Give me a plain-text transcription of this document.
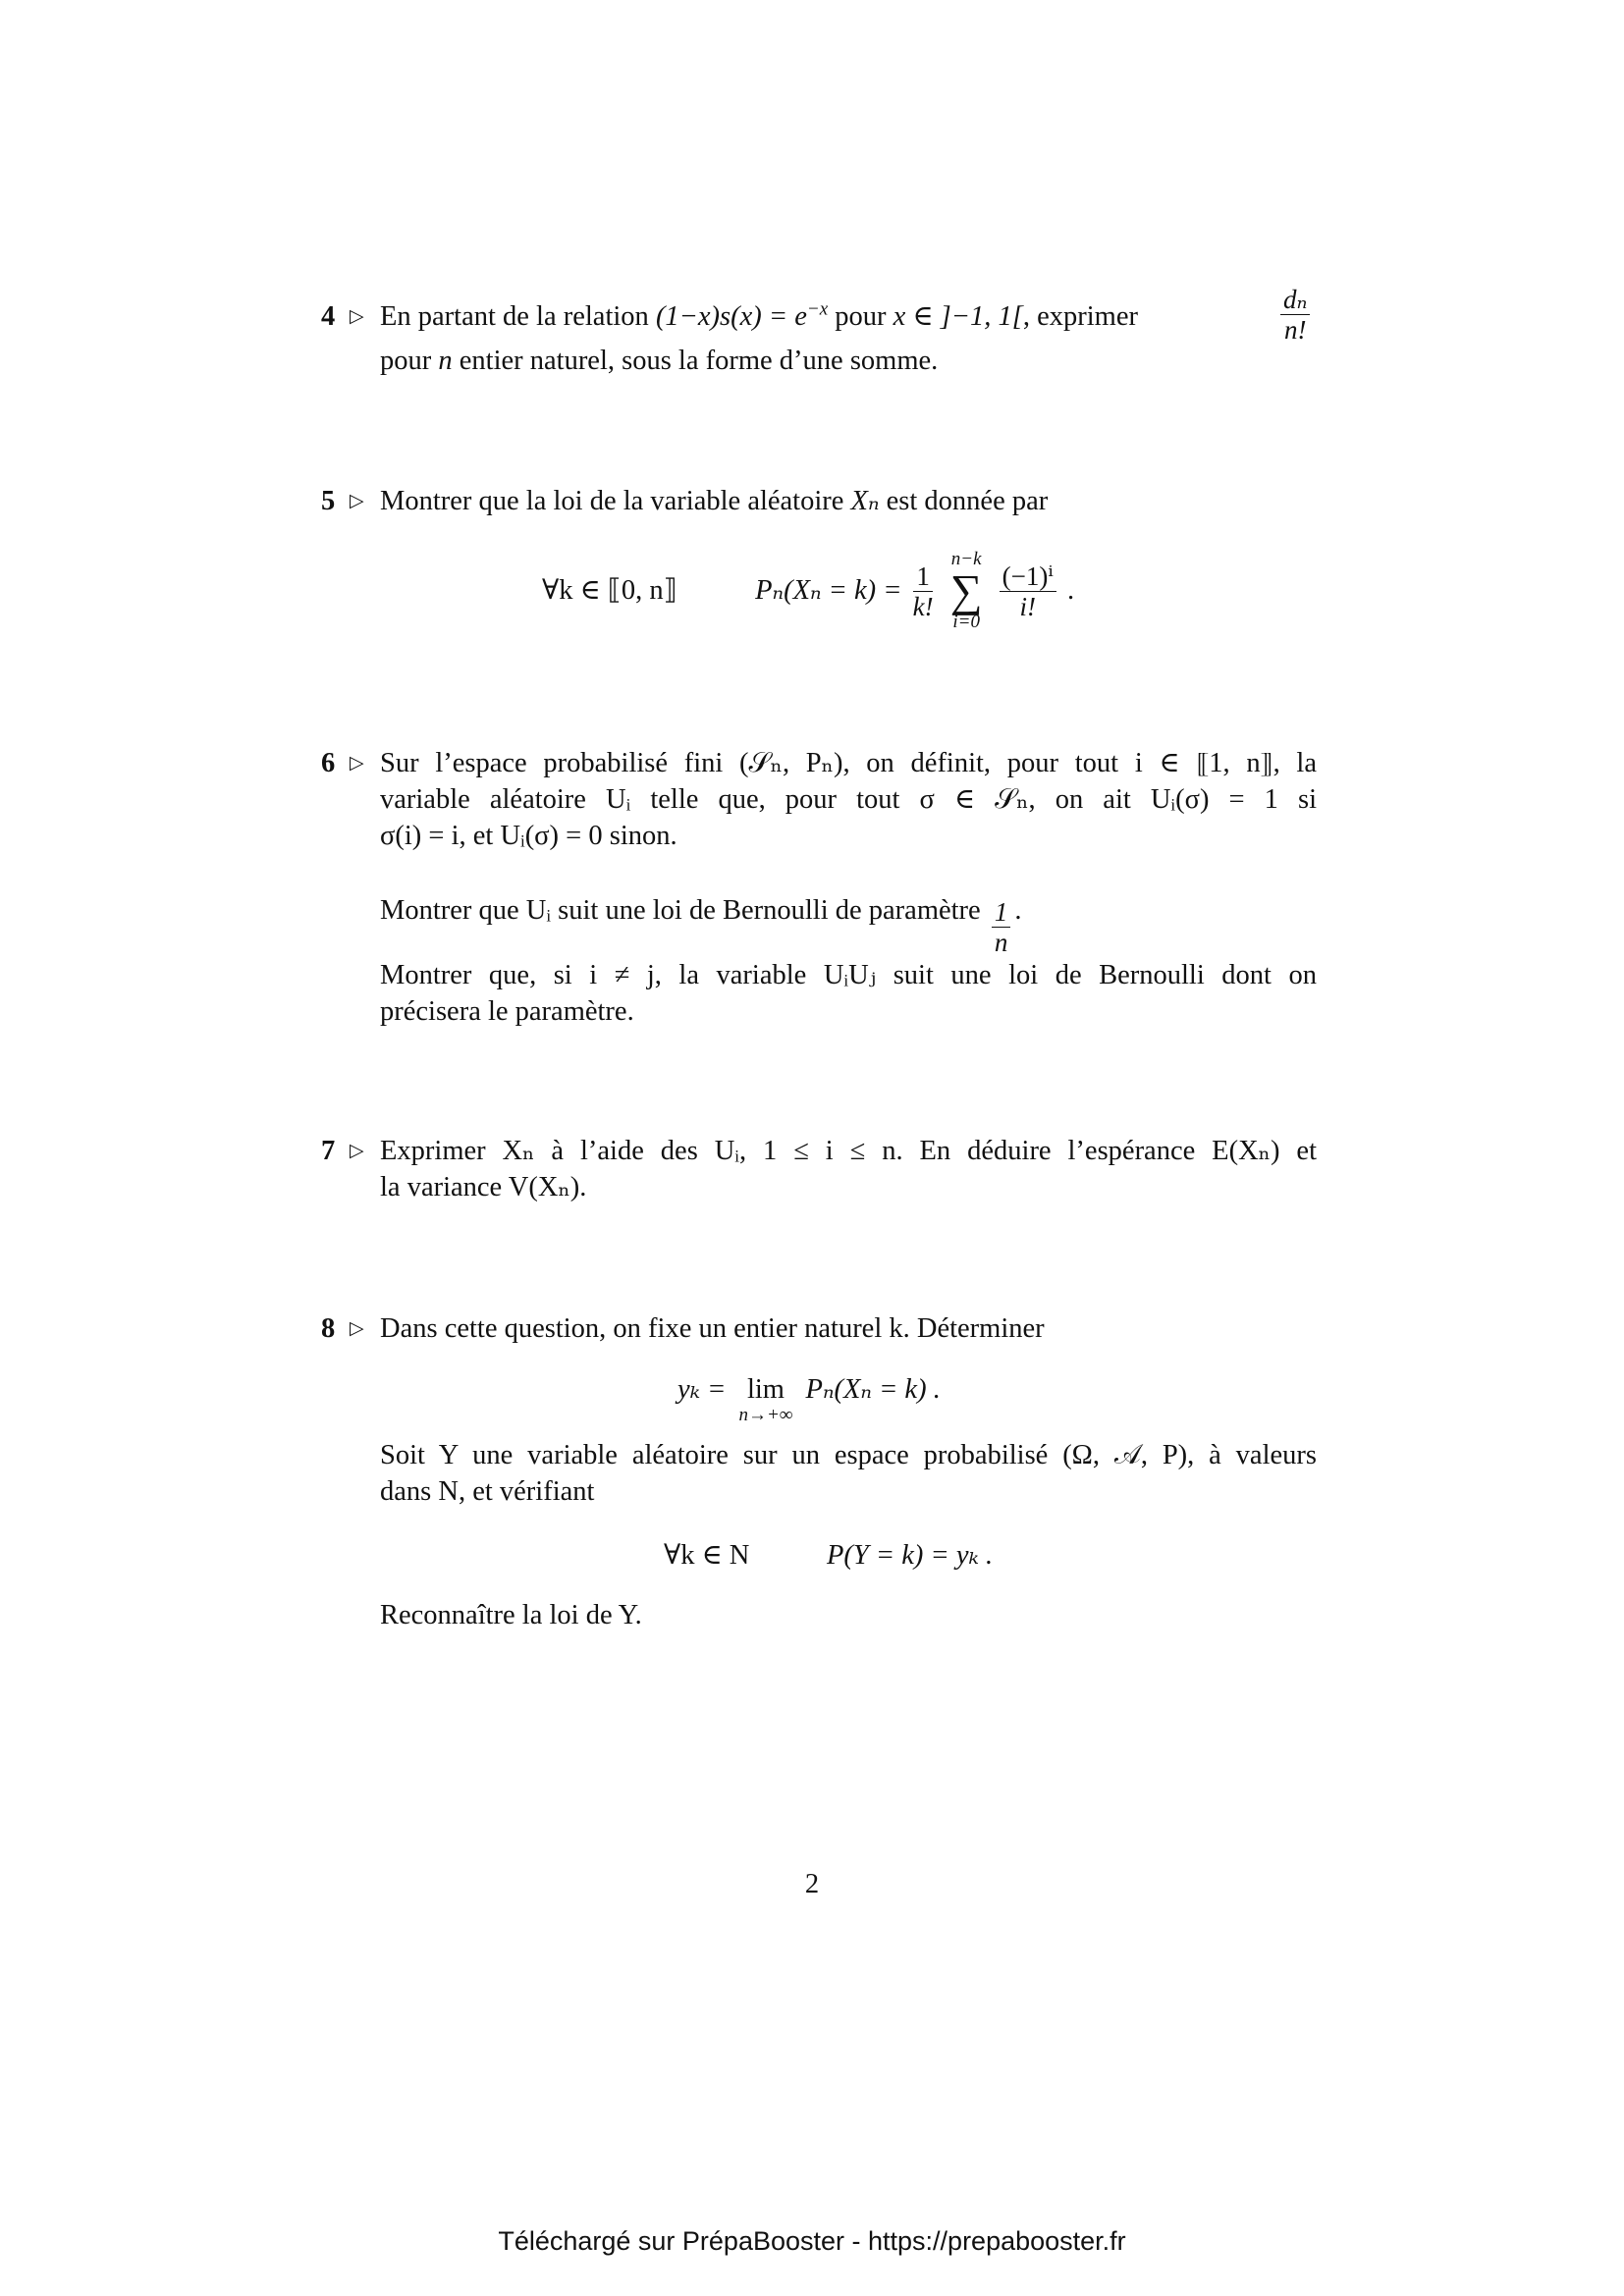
4 ▷ En partant de la relation $(1-x)s(x) = e^{-x}$ pour x ∈ ]−1, 1[, exprimer	$\frac{\text{dₙ}}{n!}$
pour n entier naturel, sous la forme d’une somme.
5 ▷ Montrer que la loi de la variable aléatoire Xₙ est donnée par
∀k ∈ ⟦0, n⟧	$P_n(X_n = k) = \frac{1}{k!}$

n−k
∑
i=0

$\frac{\text{(−1)ⁱ}}{i!}$ .
6 ▷ Sur l’espace probabilisé fini (𝒮ₙ, Pₙ), on définit, pour tout i ∈ ⟦1, n⟧, la
variable aléatoire Uᵢ telle que, pour tout σ ∈ 𝒮ₙ, on ait Uᵢ(σ) = 1 si
σ(i) = i, et Uᵢ(σ) = 0 sinon.
Montrer que Uᵢ suit une loi de Bernoulli de paramètre $\frac{1}{n}$ .
Montrer que, si i ≠ j, la variable UᵢUⱼ suit une loi de Bernoulli dont on
précisera le paramètre.
7 ▷ Exprimer Xₙ à l’aide des Uᵢ, 1 ≤ i ≤ n. En déduire l’espérance E(Xₙ) et
la variance V(Xₙ).
8 ▷ Dans cette question, on fixe un entier naturel k. Déterminer
yₖ = lim
n→+∞
Pₙ(Xₙ = k) .
Soit Y une variable aléatoire sur un espace probabilisé (Ω, 𝒜, P), à valeurs
dans N, et vérifiant
∀k ∈ N	P(Y = k) = yₖ .
Reconnaître la loi de Y.
2
Téléchargé sur PrépaBooster - https://prepabooster.fr
